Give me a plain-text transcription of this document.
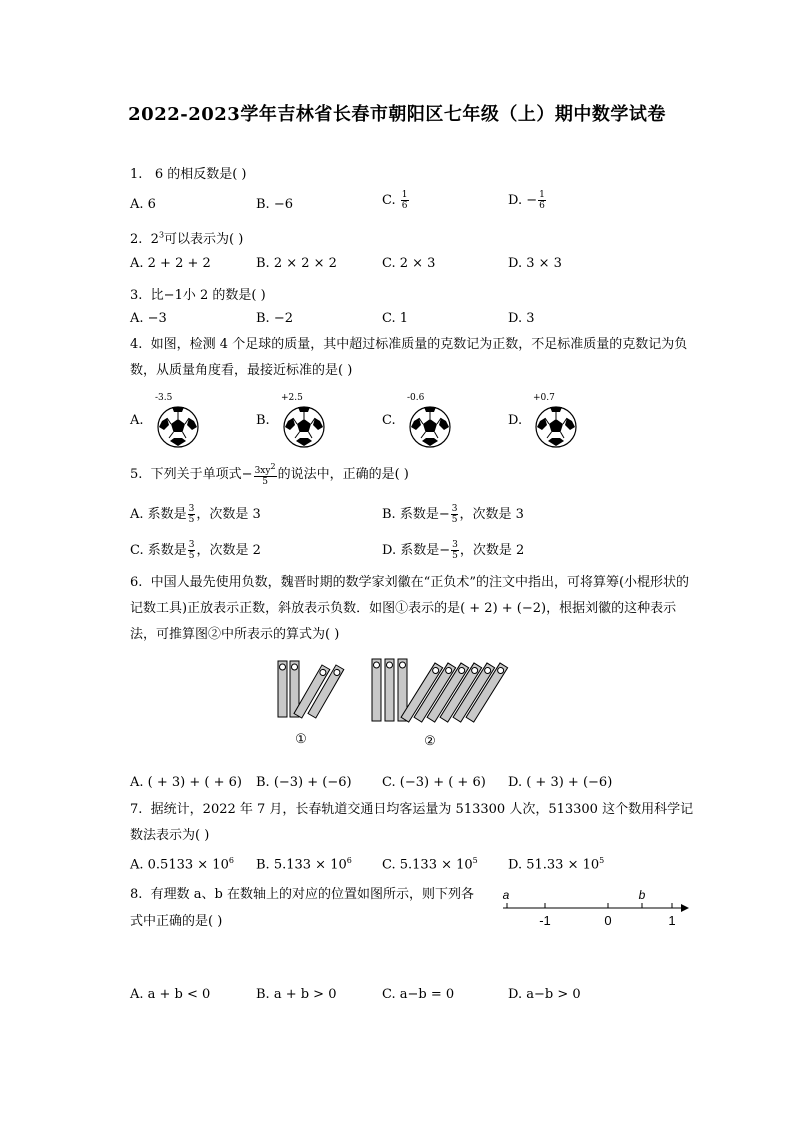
2022-2023学年吉林省长春市朝阳区七年级（上）期中数学试卷
1. 6 的相反数是( )
A. 6	B. −6	C. $\frac{1}{6}$	D. − $\frac{1}{6}$
2. $2^3$可以表示为( )
A. 2 + 2 + 2	B. 2 × 2 × 2	C. 2 × 3	D. 3 × 3
3. 比−1小 2 的数是( )
A. −3	B. −2	C. 1	D. 3
4. 如图，检测 4 个足球的质量，其中超过标准质量的克数记为正数，不足标准质量的克数记为负数，从质量角度看，最接近标准的是( )
A.
-3.5
B.
+2.5
C.
-0.6
D.
+0.7
5. 下列关于单项式− $\frac{3xy^2}{5}$ 的说法中，正确的是( )
A. 系数是 $\frac{3}{5}$ ，次数是 3	B. 系数是− $\frac{3}{5}$ ，次数是 3
C. 系数是 $\frac{3}{5}$ ，次数是 2	D. 系数是− $\frac{3}{5}$ ，次数是 2
6. 中国人最先使用负数，魏晋时期的数学家刘徽在“正负术”的注文中指出，可将算筹(小棍形状的记数工具)正放表示正数，斜放表示负数．如图①表示的是( + 2) + (−2)，根据刘徽的这种表示法，可推算图②中所表示的算式为( )
①	②
A. ( + 3) + ( + 6) B. (−3) + (−6) C. (−3) + ( + 6) D. ( + 3) + (−6)
7. 据统计，2022 年 7 月，长春轨道交通日均客运量为 513300 人次，513300 这个数用科学记数法表示为( )
A. $0.5133 \times 10^6$ B. $5.133 \times 10^6$ C. $5.133 \times 10^5$ D. $51.33 \times 10^5$
8. 有理数 a、b 在数轴上的对应的位置如图所示，则下列各式中正确的是( )
a	b
-1	0	1
A. a + b < 0	B. a + b > 0	C. a−b = 0	D. a−b > 0
